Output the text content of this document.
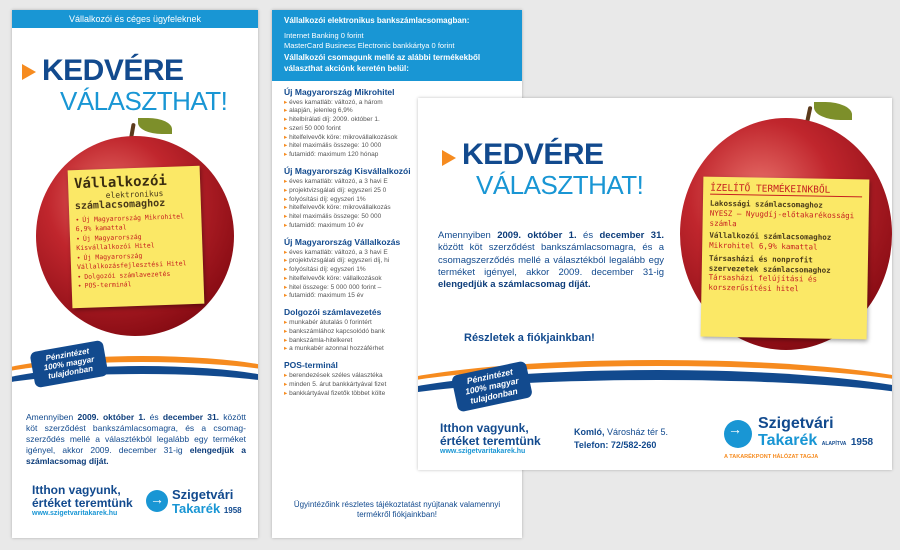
Vállalkozói és céges ügyfeleknek
KEDVÉRE
VÁLASZTHAT!
Vállalkozói
elektronikus
számlacsomaghoz
• Új Magyarország Mikrohitel 6,9% kamattal
• Új Magyarország Kisvállalkozói Hitel
• Új Magyarország Vállalkozásfejlesztési Hitel
• Dolgozói számlavezetés
• POS-terminál
Pénzintézet 100% magyar tulajdonban
Amennyiben 2009. október 1. és december 31. között köt szerződést bankszámlacsomagra, és a csomag-szerződés mellé a választékból legalább egy terméket igényel, akkor 2009. december 31-ig elengedjük a számlacsomag díját.
Itthon vagyunk,
értéket teremtünk
www.szigetvaritakarek.hu
→
Szigetvári
Takarék 1958
Vállalkozói elektronikus bankszámlacsomagban:
Internet Banking 0 forint
MasterCard Business Electronic bankkártya 0 forint
Vállalkozói csomagunk mellé az alábbi termékekből választhat akciónk keretén belül:
Új Magyarország Mikrohitel
▸ éves kamatláb: változó, a három
▸ alapján, jelenleg 6,9%
▸ hitelbírálati díj: 2009. október 1.
▸ szeri 50 000 forint
▸ hitelfelvevők köre: mikrovállalkozások
▸ hitel maximális összege: 10 000
▸ futamidő: maximum 120 hónap
Új Magyarország Kisvállalkozói
▸ éves kamatláb: változó, a 3 havi E
▸ projektvizsgálati díj: egyszeri 25 0
▸ folyósítási díj: egyszeri 1%
▸ hitelfelvevők köre: mikrovállalkozás
▸ hitel maximális összege: 50 000
▸ futamidő: maximum 10 év
Új Magyarország Vállalkozás
▸ éves kamatláb: változó, a 3 havi E
▸ projektvizsgálati díj: egyszeri díj, hi
▸ folyósítási díj: egyszeri 1%
▸ hitelfelvevők köre: vállalkozások
▸ hitel összege: 5 000 000 forint –
▸ futamidő: maximum 15 év
Dolgozói számlavezetés
▸ munkabér átutalás 0 forintért
▸ bankszámlához kapcsolódó bank
▸ bankszámla-hitelkeret
▸ a munkabér azonnal hozzáférhet
POS-terminál
▸ berendezések széles választéka
▸ minden 5. árut bankkártyával fizet
▸ bankkártyával fizetők többet költe
Ügyintézőink részletes tájékoztatást nyújtanak valamennyi termékről fiókjainkban!
KEDVÉRE
VÁLASZTHAT!
Amennyiben 2009. október 1. és december 31. között köt szerződést bankszámlacsomagra, és a csomagszerződés mellé a választékból legalább egy terméket igényel, akkor 2009. december 31-ig elengedjük a számlacsomag díját.
Részletek a fiókjainkban!
ÍZELÍTŐ TERMÉKEINKBŐL
Lakossági számlacsomaghoz
NYESZ – Nyugdíj-előtakarékossági számla
Vállalkozói számlacsomaghoz
Mikrohitel 6,9% kamattal
Társasházi és nonprofit szervezetek számlacsomaghoz
Társasházi felújítási és korszerűsítési hitel
Pénzintézet 100% magyar tulajdonban
Itthon vagyunk,
értéket teremtünk
www.szigetvaritakarek.hu
Komló, Városház tér 5.
Telefon: 72/582-260
→
Szigetvári
Takarék ALAPÍTVA 1958
A TAKARÉKPONT HÁLÓZAT TAGJA
